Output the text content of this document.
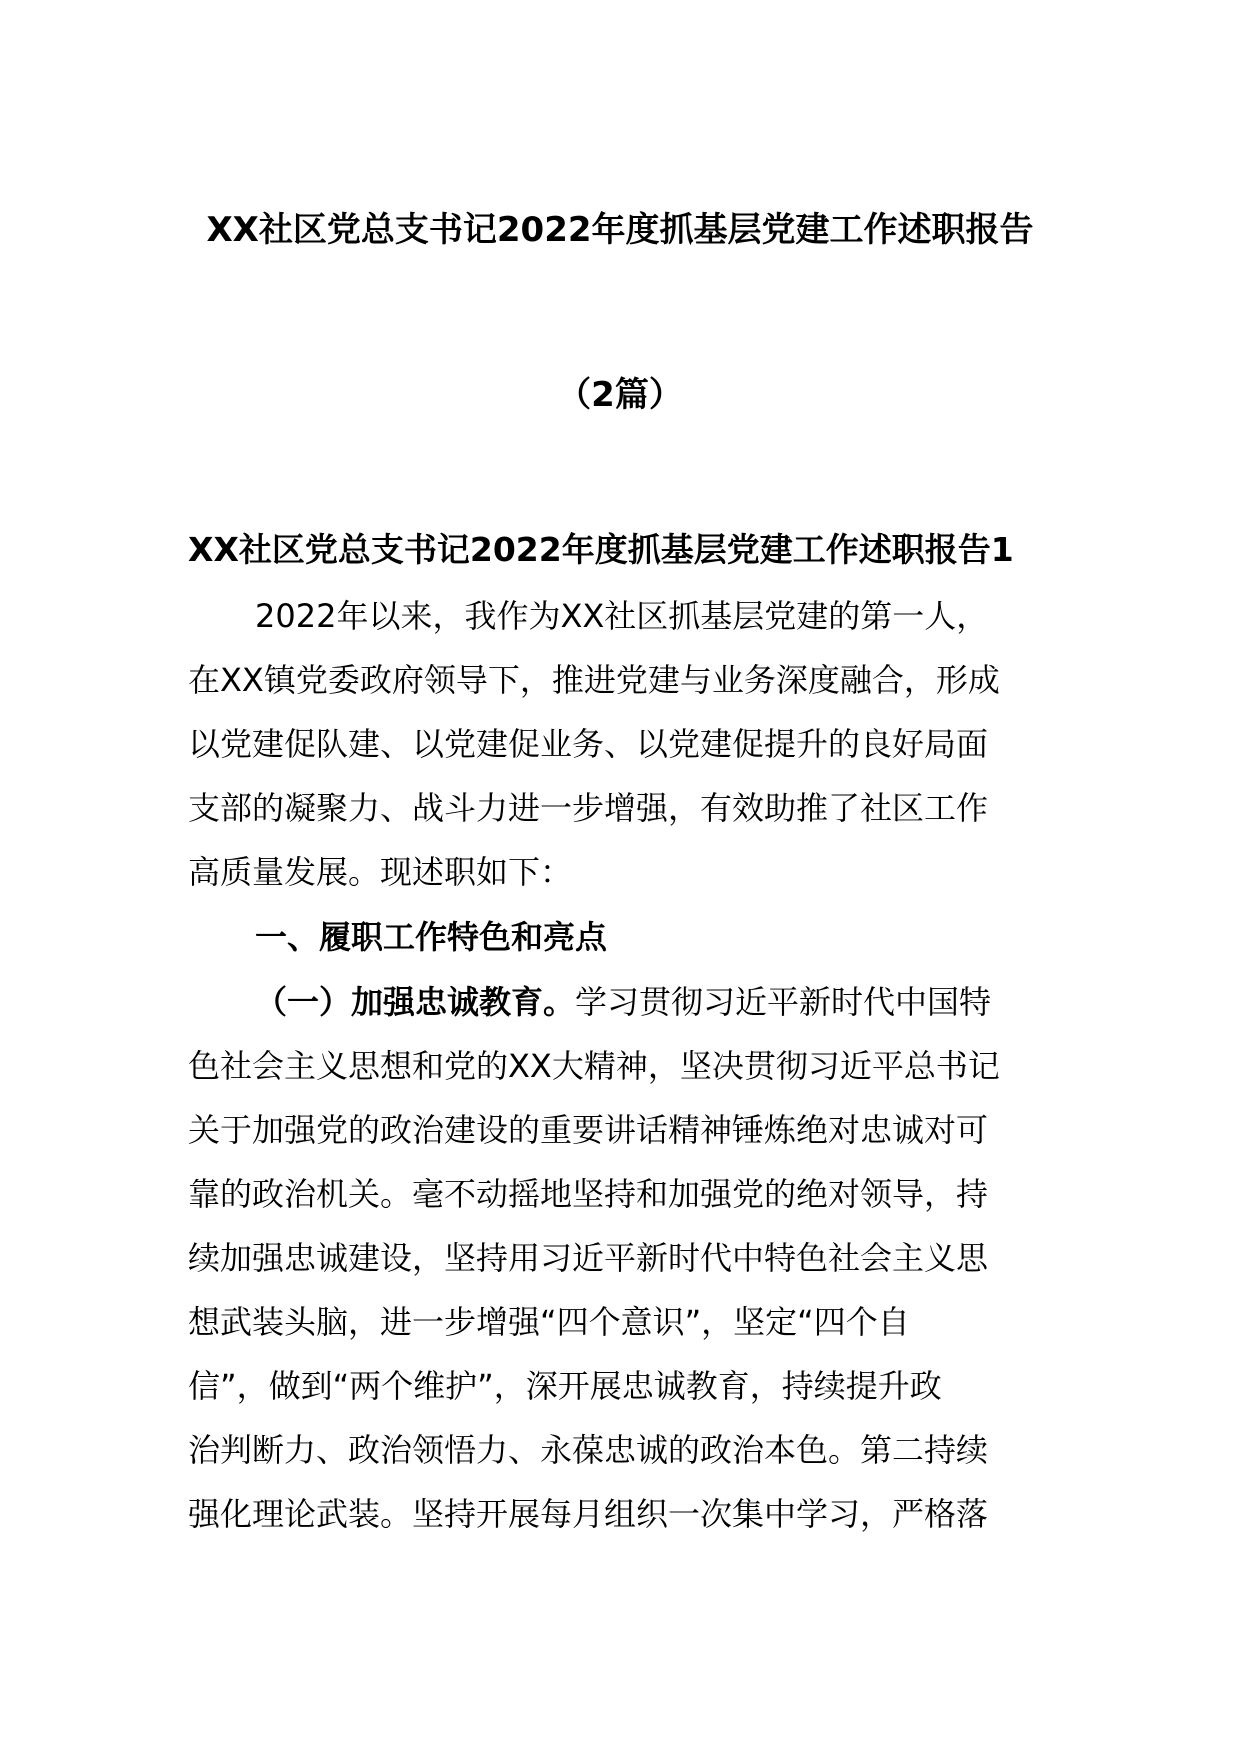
XX社区党总支书记2022年度抓基层党建工作述职报告
（2篇）
XX社区党总支书记2022年度抓基层党建工作述职报告1
2022年以来，我作为XX社区抓基层党建的第一人，
在XX镇党委政府领导下，推进党建与业务深度融合，形成
以党建促队建、以党建促业务、以党建促提升的良好局面
支部的凝聚力、战斗力进一步增强，有效助推了社区工作
高质量发展。现述职如下：
一、履职工作特色和亮点
（一）加强忠诚教育。学习贯彻习近平新时代中国特
色社会主义思想和党的XX大精神，坚决贯彻习近平总书记
关于加强党的政治建设的重要讲话精神锤炼绝对忠诚对可
靠的政治机关。毫不动摇地坚持和加强党的绝对领导，持
续加强忠诚建设，坚持用习近平新时代中特色社会主义思
想武装头脑，进一步增强“四个意识”，坚定“四个自
信”，做到“两个维护”，深开展忠诚教育，持续提升政
治判断力、政治领悟力、永葆忠诚的政治本色。第二持续
强化理论武装。坚持开展每月组织一次集中学习，严格落
